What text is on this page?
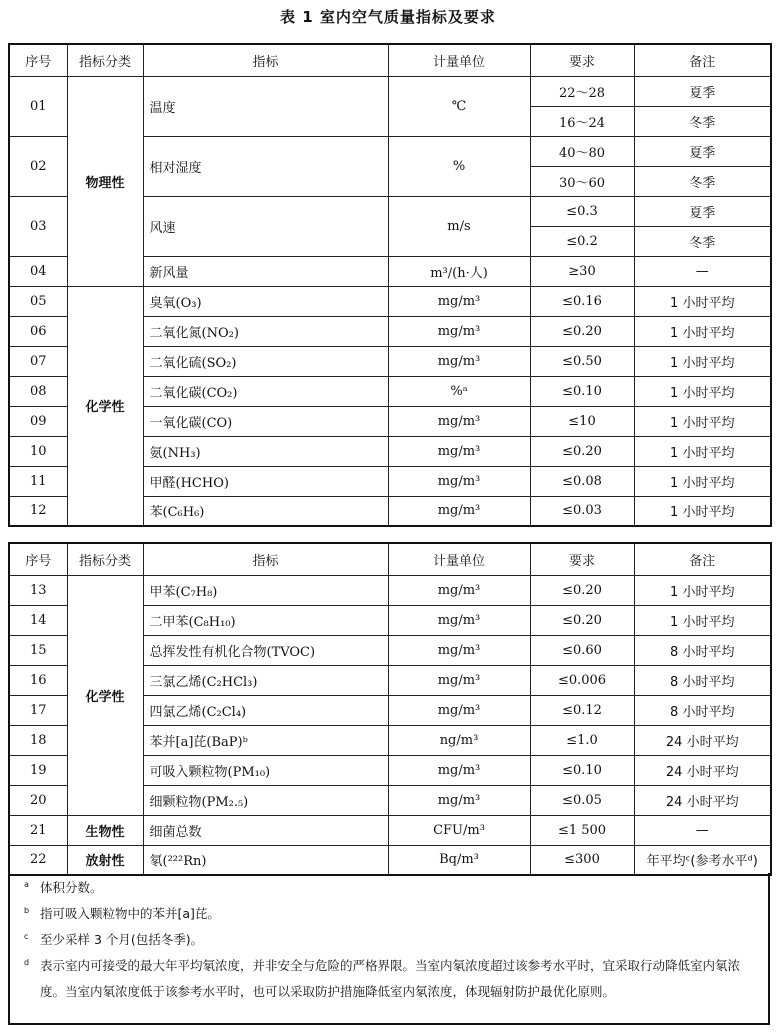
表 1 室内空气质量指标及要求
序号	指标分类	指标	计量单位	要求	备注
01	物理性	温度	℃	22～28	夏季
				16～24	冬季
02		相对湿度	%	40～80	夏季
				30～60	冬季
03		风速	m/s	≤0.3	夏季
				≤0.2	冬季
04		新风量	m³/(h·人)	≥30	—
05	化学性	臭氧(O₃)	mg/m³	≤0.16	1 小时平均
06		二氧化氮(NO₂)	mg/m³	≤0.20	1 小时平均
07		二氧化硫(SO₂)	mg/m³	≤0.50	1 小时平均
08		二氧化碳(CO₂)	%ᵃ	≤0.10	1 小时平均
09		一氧化碳(CO)	mg/m³	≤10	1 小时平均
10		氨(NH₃)	mg/m³	≤0.20	1 小时平均
11		甲醛(HCHO)	mg/m³	≤0.08	1 小时平均
12		苯(C₆H₆)	mg/m³	≤0.03	1 小时平均
序号	指标分类	指标	计量单位	要求	备注
13	化学性	甲苯(C₇H₈)	mg/m³	≤0.20	1 小时平均
14		二甲苯(C₈H₁₀)	mg/m³	≤0.20	1 小时平均
15		总挥发性有机化合物(TVOC)	mg/m³	≤0.60	8 小时平均
16		三氯乙烯(C₂HCl₃)	mg/m³	≤0.006	8 小时平均
17		四氯乙烯(C₂Cl₄)	mg/m³	≤0.12	8 小时平均
18		苯并[a]芘(BaP)ᵇ	ng/m³	≤1.0	24 小时平均
19		可吸入颗粒物(PM₁₀)	mg/m³	≤0.10	24 小时平均
20		细颗粒物(PM₂.₅)	mg/m³	≤0.05	24 小时平均
21	生物性	细菌总数	CFU/m³	≤1 500	—
22	放射性	氡(²²²Rn)	Bq/m³	≤300	年平均ᶜ(参考水平ᵈ)
a 体积分数。
b 指可吸入颗粒物中的苯并[a]芘。
c 至少采样 3 个月(包括冬季)。
d 表示室内可接受的最大年平均氡浓度，并非安全与危险的严格界限。当室内氡浓度超过该参考水平时，宜采取行动降低室内氡浓度。当室内氡浓度低于该参考水平时，也可以采取防护措施降低室内氡浓度，体现辐射防护最优化原则。
